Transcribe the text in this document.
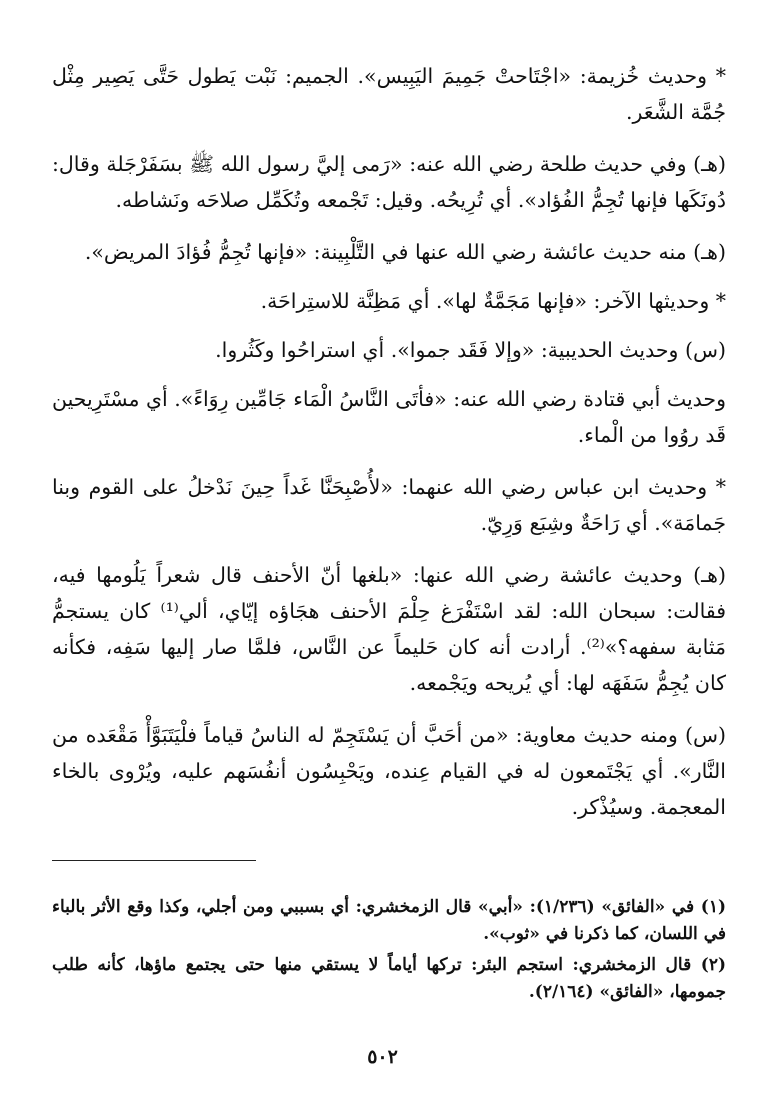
* وحديث خُزيمة: «اجْتَاحتْ جَمِيمَ اليَبِيس». الجميم: نَبْت يَطول حَتَّى يَصِير مِثْل جُمَّة الشَّعَر.

(هـ) وفي حديث طلحة رضي الله عنه: «رَمى إليَّ رسول الله ﷺ بسَفَرْجَلة وقال: دُونَكَها فإنها تُجِمُّ الفُؤاد». أي تُرِيحُه. وقيل: تَجْمعه وتُكَمِّل صلاحَه ونَشاطه.

(هـ) منه حديث عائشة رضي الله عنها في التَّلْبِينة: «فإنها تُجِمُّ فُؤادَ المريض».

* وحديثها الآخر: «فإنها مَجَمَّةٌ لها». أي مَظِنَّة للاستِراحَة.

(س) وحديث الحديبية: «وإلا فَقَد جموا». أي استراحُوا وكَثُروا.

وحديث أبي قتادة رضي الله عنه: «فأتَى النَّاسُ الْمَاء جَامِّين رِوَاءً». أي مسْتَرِيحين قَد روُوا من الْماء.

* وحديث ابن عباس رضي الله عنهما: «لأُصْبِحَنَّا غَداً حِينَ نَدْخلُ على القوم وبنا جَمامَة». أي رَاحَةٌ وشِبَع وَرِيّ.

(هـ) وحديث عائشة رضي الله عنها: «بلغها أنّ الأحنف قال شعراً يَلُومها فيه، فقالت: سبحان الله: لقد اسْتَفْرَغ حِلْمَ الأحنف هجَاؤه إيّاي، ألي⁽¹⁾ كان يستجمُّ مَثابة سفهه؟»⁽²⁾. أرادت أنه كان حَليماً عن النَّاس، فلمَّا صار إليها سَفِه، فكأنه كان يُجِمُّ سَفَهَه لها: أي يُريحه ويَجْمعه.

(س) ومنه حديث معاوية: «من أحَبَّ أن يَسْتَجِمّ له الناسُ قياماً فلْيَتَبَوَّأْ مَقْعَده من النَّار». أي يَجْتَمعون له في القيام عِنده، ويَحْبِسُون أنفُسَهم عليه، ويُرْوى بالخاء المعجمة. وسيُذْكر.

(١) في «الفائق» (١/٢٣٦): «أبي» قال الزمخشري: أي بسببي ومن أجلي، وكذا وقع الأثر بالباء في اللسان، كما ذكرنا في «ثوب».

(٢) قال الزمخشري: استجم البئر: تركها أياماً لا يستقي منها حتى يجتمع ماؤها، كأنه طلب جمومها، «الفائق» (٢/١٦٤).

٥٠٢
